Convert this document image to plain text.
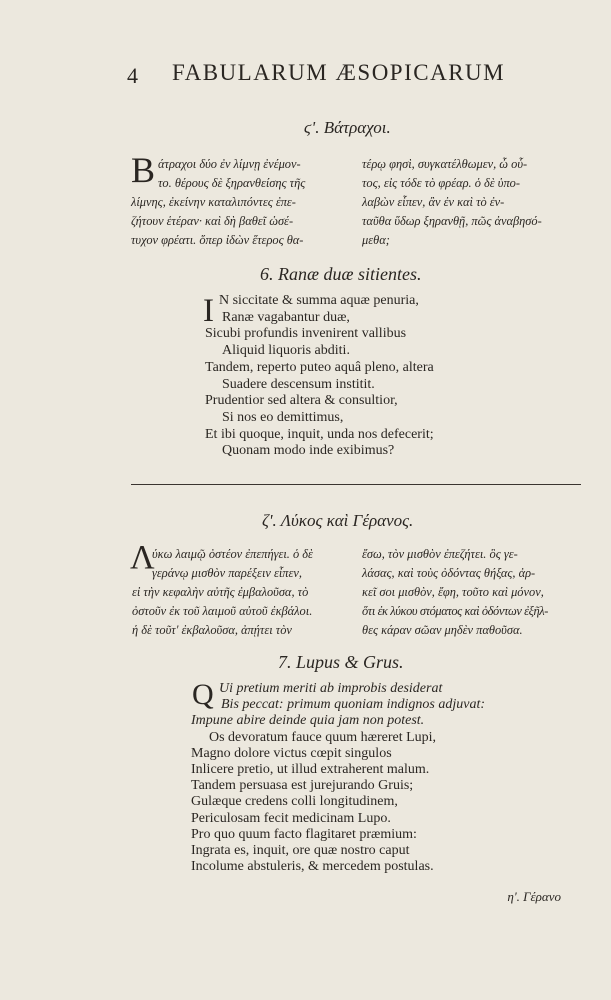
4 FABULARUM ÆSOPICARUM
ϛ'. Βάτραχοι.
Β άτραχοι δύο ἐν λίμνῃ ἐνέμον-
το. θέρους δὲ ξηρανθείσης τῆς
λίμνης, ἐκείνην καταλιπόντες ἐπε-
ζήτουν ἑτέραν· καὶ δὴ βαθεῖ ὡσέ-
τυχον φρέατι. ὅπερ ἰδὼν ἕτερος θα-
τέρῳ φησὶ, συγκατέλθωμεν, ὦ οὗ-
τος, εἰς τόδε τὸ φρέαρ. ὁ δὲ ὑπο-
λαβὼν εἶπεν, ἂν ἐν καὶ τὸ ἐν-
ταῦθα ὕδωρ ξηρανθῇ, πῶς ἀναβησό-
μεθα;
6. Ranæ duæ sitientes.
I N siccitate & summa aquæ penuria,
Ranæ vagabantur duæ,
Sicubi profundis invenirent vallibus
Aliquid liquoris abditi.
Tandem, reperto puteo aquâ pleno, altera
Suadere descensum institit.
Prudentior sed altera & consultior,
Si nos eo demittimus,
Et ibi quoque, inquit, unda nos defecerit;
Quonam modo inde exibimus?
ζ'. Λύκος καὶ Γέρανος.
Λ
ύκω λαιμῷ ὀστέον ἐπεπήγει. ὁ δὲ
γεράνῳ μισθὸν παρέξειν εἶπεν,
εἰ τὴν κεφαλὴν αὐτῆς ἐμβαλοῦσα, τὸ
ὀστοῦν ἐκ τοῦ λαιμοῦ αὐτοῦ ἐκβάλοι.
ἡ δὲ τοῦτ' ἐκβαλοῦσα, ἀπῄτει τὸν
ἔσω, τὸν μισθὸν ἐπεζήτει. ὃς γε-
λάσας, καὶ τοὺς ὀδόντας θήξας, ἀρ-
κεῖ σοι μισθὸν, ἔφη, τοῦτο καὶ μόνον,
ὅτι ἐκ λύκου στόματος καὶ ὀδόντων ἐξῆλ-
θες κάραν σῶαν μηδὲν παθοῦσα.
7. Lupus & Grus.
Q Ui pretium meriti ab improbis desiderat
Bis peccat: primum quoniam indignos adjuvat:
Impune abire deinde quia jam non potest.
Os devoratum fauce quum hæreret Lupi,
Magno dolore victus cœpit singulos
Inlicere pretio, ut illud extraherent malum.
Tandem persuasa est jurejurando Gruis;
Gulæque credens colli longitudinem,
Periculosam fecit medicinam Lupo.
Pro quo quum facto flagitaret præmium:
Ingrata es, inquit, ore quæ nostro caput
Incolume abstuleris, & mercedem postulas.
η'. Γέρανο
